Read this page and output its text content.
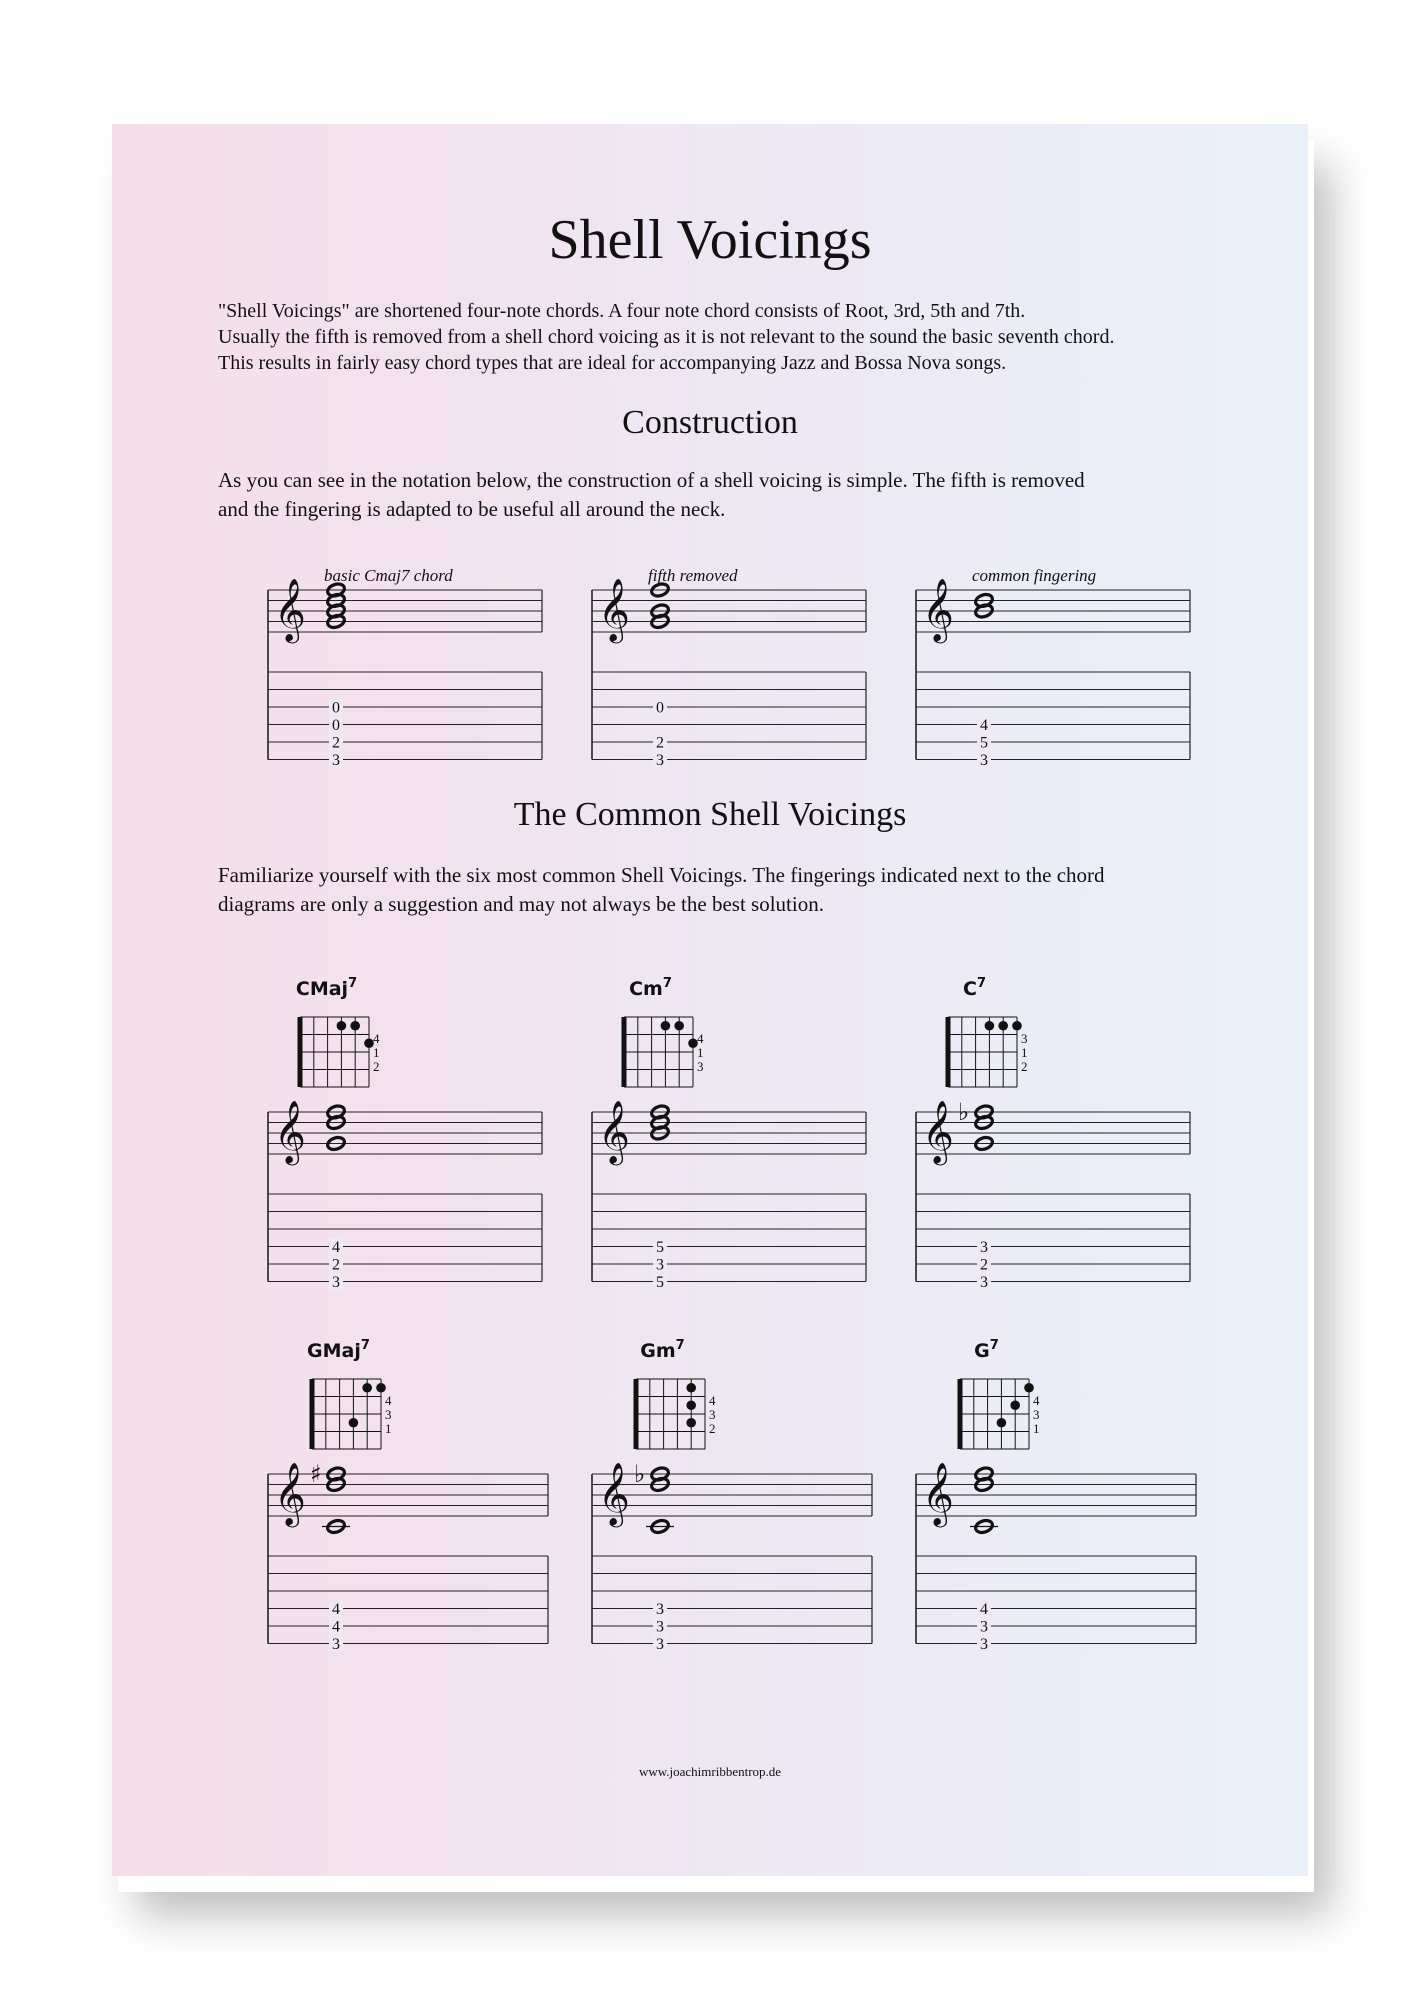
Shell Voicings
"Shell Voicings" are shortened four-note chords. A four note chord consists of Root, 3rd, 5th and 7th.
Usually the fifth is removed from a shell chord voicing as it is not relevant to the sound the basic seventh chord.
This results in fairly easy chord types that are ideal for accompanying Jazz and Bossa Nova songs.
Construction
As you can see in the notation below, the construction of a shell voicing is simple. The fifth is removed
and the fingering is adapted to be useful all around the neck.
The Common Shell Voicings
Familiarize yourself with the six most common Shell Voicings. The fingerings indicated next to the chord
diagrams are only a suggestion and may not always be the best solution.
basic Cmaj7 chord
𝄞
0
0
2
3
fifth removed
𝄞
0
2
3
common fingering
𝄞
4
5
3
CMaj$^7$
4
1
2
𝄞
4
2
3
Cm$^7$
4
1
3
𝄞
5
3
5
$C^7$
3
1
2
𝄞 ♭
3
2
3
GMaj$^7$
4
3
1
𝄞 ♯
4
4
3
Gm$^7$
4
3
2
𝄞 ♭
3
3
3
$G^7$
4
3
1
𝄞
4
3
3
www.joachimribbentrop.de
